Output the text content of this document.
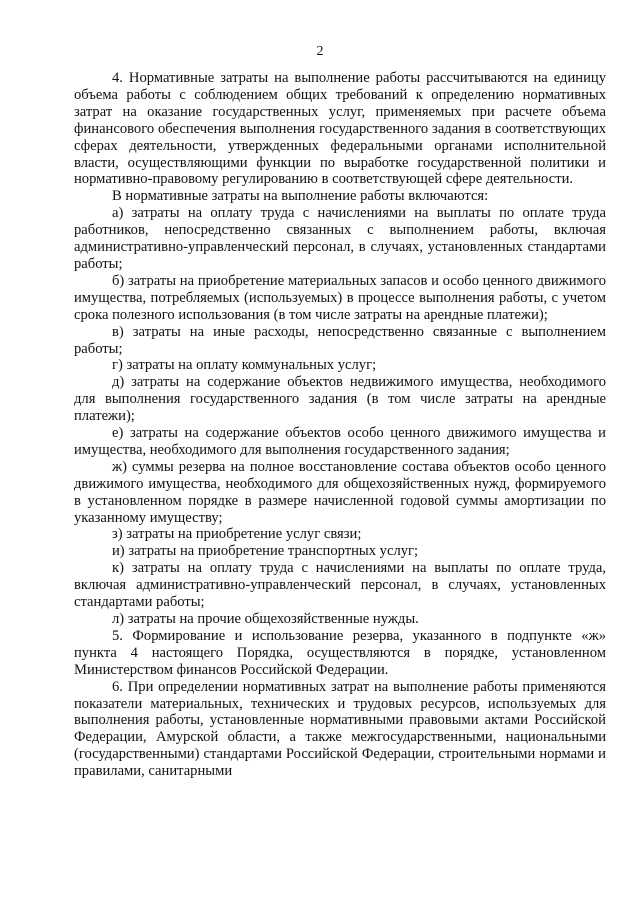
2

4. Нормативные затраты на выполнение работы рассчитываются на единицу объема работы с соблюдением общих требований к определению нормативных затрат на оказание государственных услуг, применяемых при расчете объема финансового обеспечения выполнения государственного задания в соответствующих сферах деятельности, утвержденных федеральными органами исполнительной власти, осуществляющими функции по выработке государственной политики и нормативно-правовому регулированию в соответствующей сфере деятельности.

В нормативные затраты на выполнение работы включаются:

а) затраты на оплату труда с начислениями на выплаты по оплате труда работников, непосредственно связанных с выполнением работы, включая административно-управленческий персонал, в случаях, установленных стандартами работы;

б) затраты на приобретение материальных запасов и особо ценного движимого имущества, потребляемых (используемых) в процессе выполнения работы, с учетом срока полезного использования (в том числе затраты на арендные платежи);

в) затраты на иные расходы, непосредственно связанные с выполнением работы;

г) затраты на оплату коммунальных услуг;

д) затраты на содержание объектов недвижимого имущества, необходимого для выполнения государственного задания (в том числе затраты на арендные платежи);

е) затраты на содержание объектов особо ценного движимого имущества и имущества, необходимого для выполнения государственного задания;

ж) суммы резерва на полное восстановление состава объектов особо ценного движимого имущества, необходимого для общехозяйственных нужд, формируемого в установленном порядке в размере начисленной годовой суммы амортизации по указанному имуществу;

з) затраты на приобретение услуг связи;

и) затраты на приобретение транспортных услуг;

к) затраты на оплату труда с начислениями на выплаты по оплате труда, включая административно-управленческий персонал, в случаях, установленных стандартами работы;

л) затраты на прочие общехозяйственные нужды.

5. Формирование и использование резерва, указанного в подпункте «ж» пункта 4 настоящего Порядка, осуществляются в порядке, установленном Министерством финансов Российской Федерации.

6. При определении нормативных затрат на выполнение работы применяются показатели материальных, технических и трудовых ресурсов, используемых для выполнения работы, установленные нормативными правовыми актами Российской Федерации, Амурской области, а также межгосударственными, национальными (государственными) стандартами Российской Федерации, строительными нормами и правилами, санитарными
